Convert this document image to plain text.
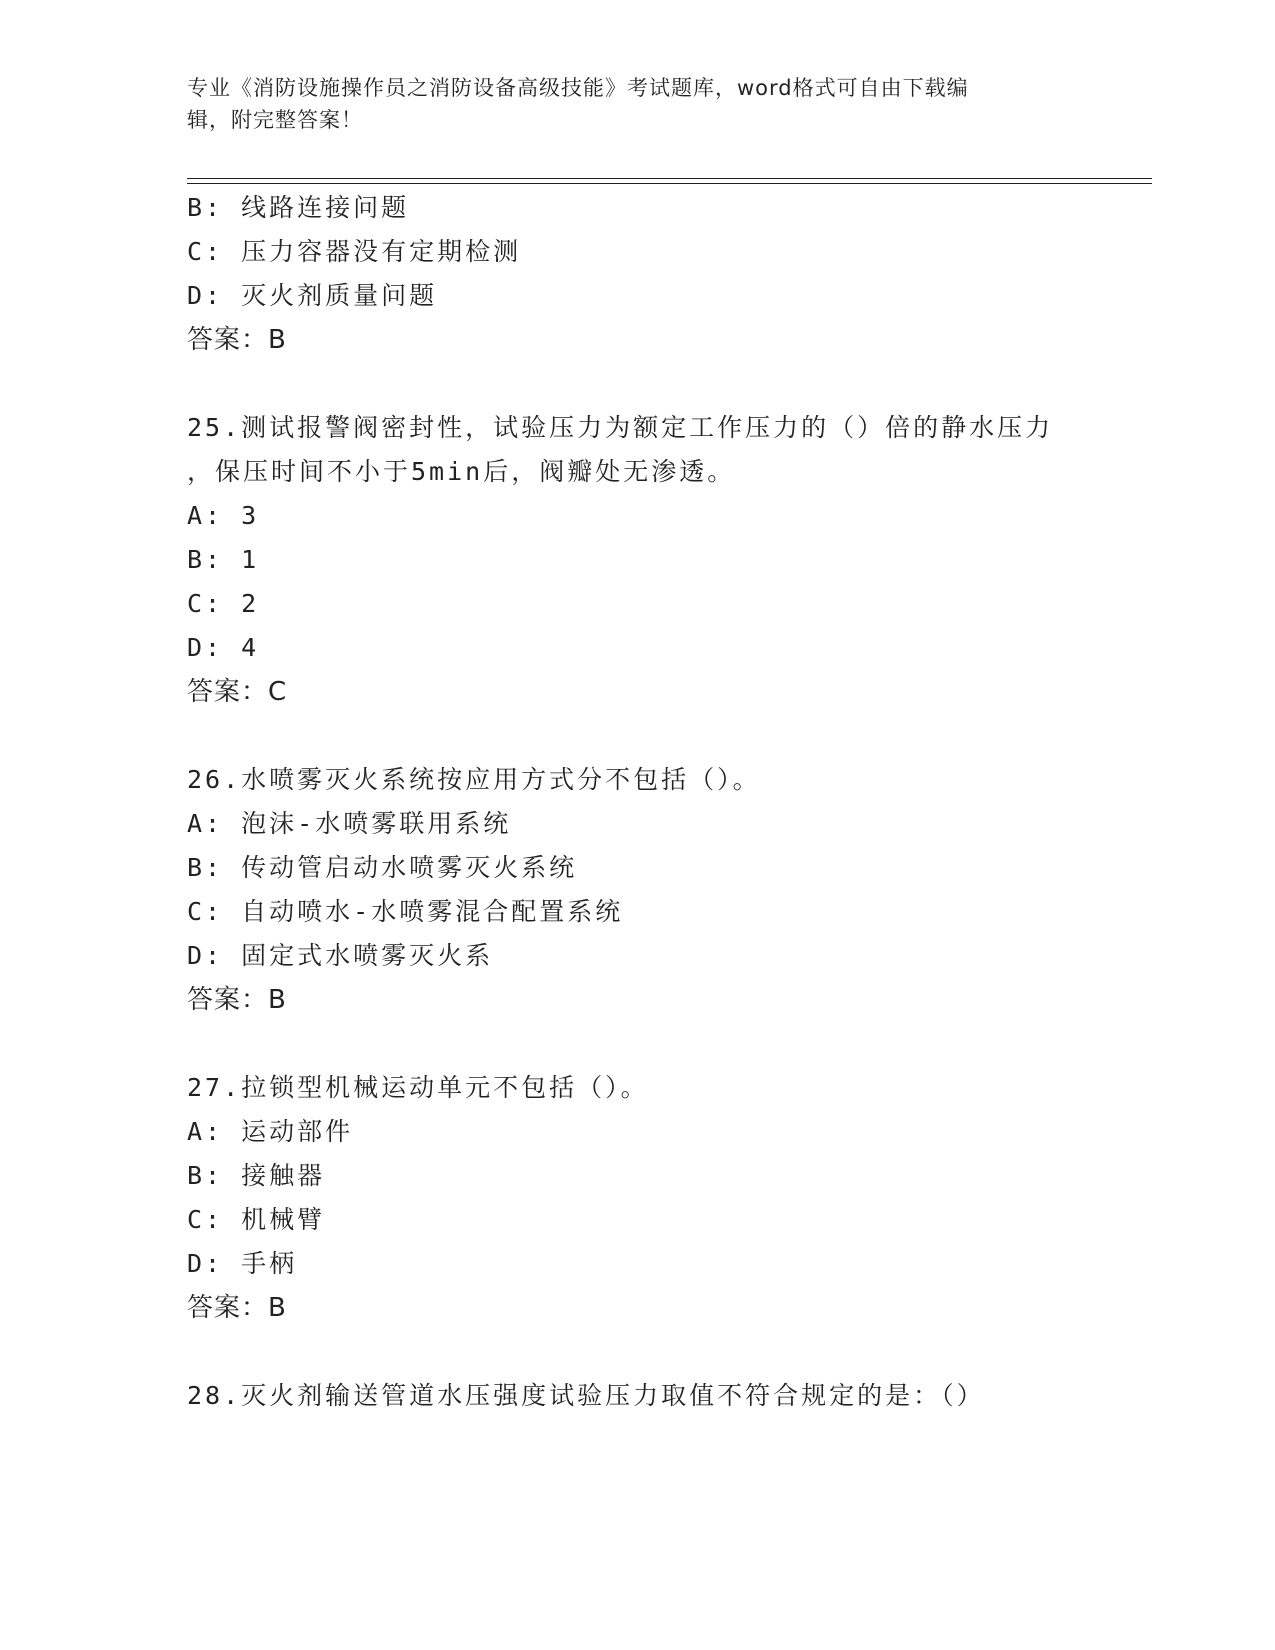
专业《消防设施操作员之消防设备高级技能》考试题库，word格式可自由下载编
辑，附完整答案！
B: 线路连接问题
C: 压力容器没有定期检测
D: 灭火剂质量问题
答案：B
25.测试报警阀密封性，试验压力为额定工作压力的（）倍的静水压力
，保压时间不小于5min后，阀瓣处无渗透。
A: 3
B: 1
C: 2
D: 4
答案：C
26.水喷雾灭火系统按应用方式分不包括（）。
A: 泡沫-水喷雾联用系统
B: 传动管启动水喷雾灭火系统
C: 自动喷水-水喷雾混合配置系统
D: 固定式水喷雾灭火系
答案：B
27.拉锁型机械运动单元不包括（）。
A: 运动部件
B: 接触器
C: 机械臂
D: 手柄
答案：B
28.灭火剂输送管道水压强度试验压力取值不符合规定的是：（）
